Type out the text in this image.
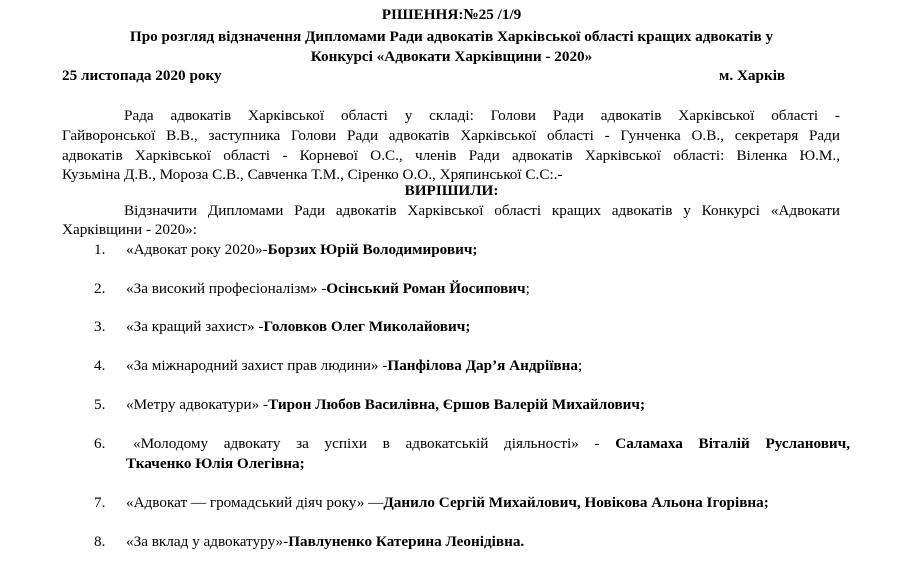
РІШЕННЯ:№25 /1/9
Про розгляд відзначення Дипломами Ради адвокатів Харківської області кращих адвокатів у
Конкурсі «Адвокати Харківщини - 2020»
25 листопада 2020 року	м. Харків
Рада адвокатів Харківської області у складі: Голови Ради адвокатів Харківської області -
Гайворонської В.В., заступника Голови Ради адвокатів Харківської області - Гунченка О.В., секретаря Ради
адвокатів Харківської області - Корневої О.С., членів Ради адвокатів Харківської області: Віленка Ю.М.,
Кузьміна Д.В., Мороза С.В., Савченка Т.М., Сіренко О.О., Хряпинської С.С:.-
ВИРІШИЛИ:
Відзначити Дипломами Ради адвокатів Харківської області кращих адвокатів у Конкурсі «Адвокати
Харківщини - 2020»:
1. «Адвокат року 2020»-Борзих Юрій Володимирович;
2. «За високий професіоналізм» -Осінський Роман Йосипович;
3. «За кращий захист» -Головков Олег Миколайович;
4. «За міжнародний захист прав людини» -Панфілова Дар’я Андріївна;
5. «Метру адвокатури» -Тирон Любов Василівна, Єршов Валерій Михайлович;
6. «Молодому адвокату за успіхи в адвокатській діяльності» - Саламаха Віталій Русланович,
Ткаченко Юлія Олегівна;
7. «Адвокат — громадський діяч року» —Данило Сергій Михайлович, Новікова Альона Ігорівна;
8. «За вклад у адвокатуру»-Павлуненко Катерина Леонідівна.
